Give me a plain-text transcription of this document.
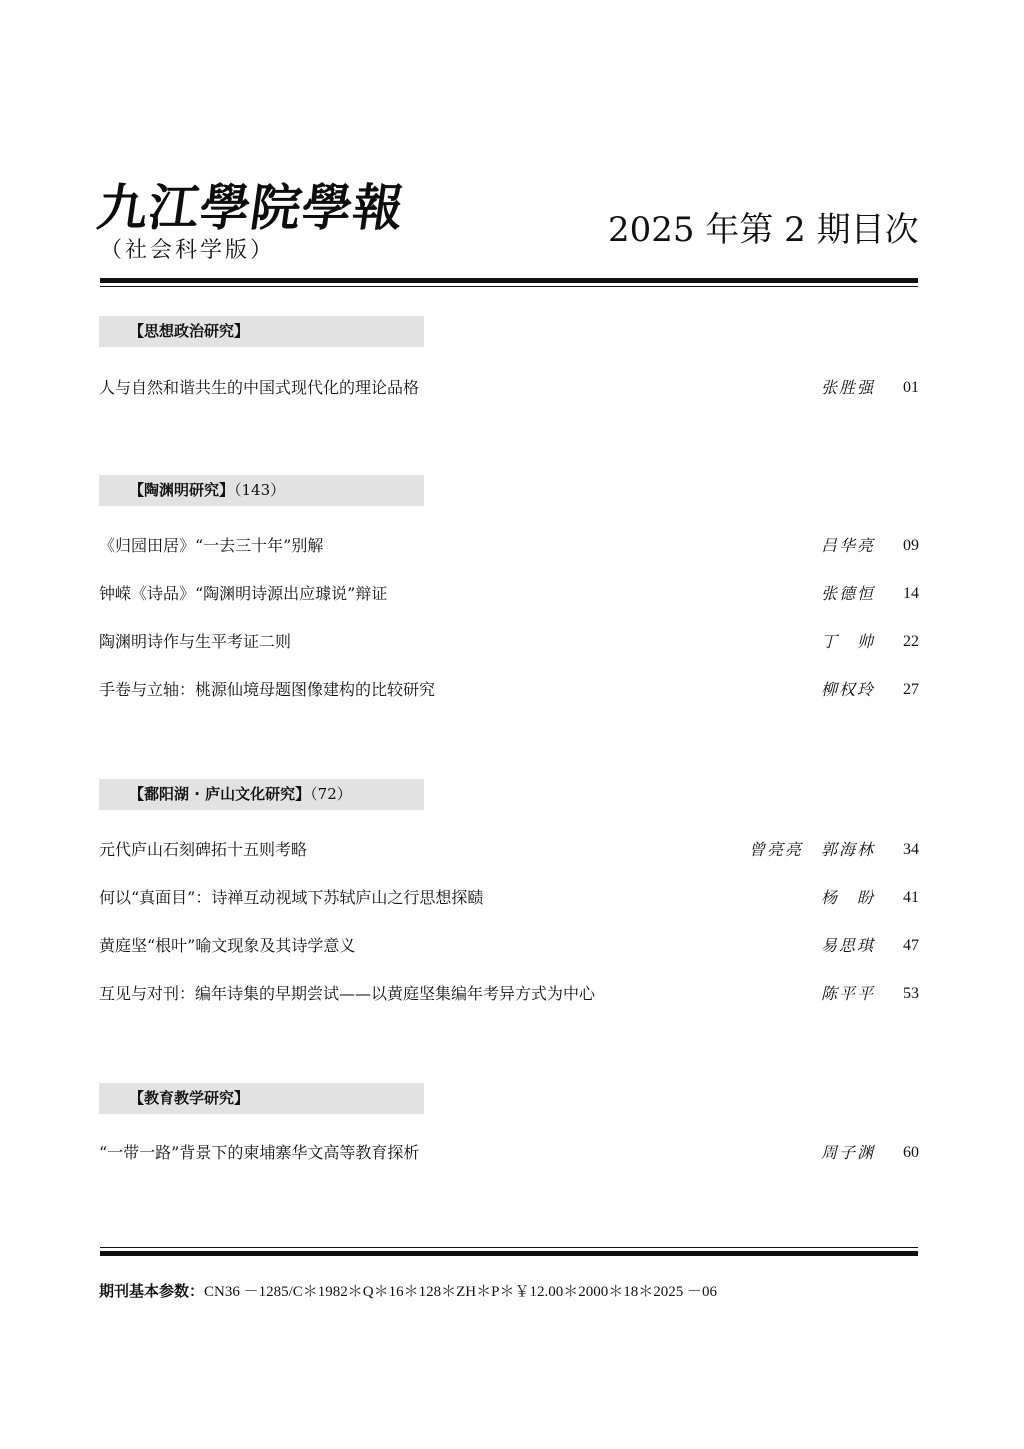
九江學院學報
（社会科学版）
2025 年第 2 期目次
【思想政治研究】
人与自然和谐共生的中国式现代化的理论品格	张胜强	01
【陶渊明研究】（143）
《归园田居》“一去三十年”别解	吕华亮	09
钟嵘《诗品》“陶渊明诗源出应璩说”辩证	张德恒	14
陶渊明诗作与生平考证二则	丁　帅	22
手卷与立轴：桃源仙境母题图像建构的比较研究	柳权玲	27
【鄱阳湖 · 庐山文化研究】（72）
元代庐山石刻碑拓十五则考略	曾亮亮　郭海林	34
何以“真面目”：诗禅互动视域下苏轼庐山之行思想探赜	杨　盼	41
黄庭坚“根叶”喻文现象及其诗学意义	易思琪	47
互见与对刊：编年诗集的早期尝试——以黄庭坚集编年考异方式为中心	陈平平	53
【教育教学研究】
“一带一路”背景下的柬埔寨华文高等教育探析	周子渊	60
期刊基本参数：CN36 －1285/C＊1982＊Q＊16＊128＊ZH＊P＊￥12.00＊2000＊18＊2025 －06
